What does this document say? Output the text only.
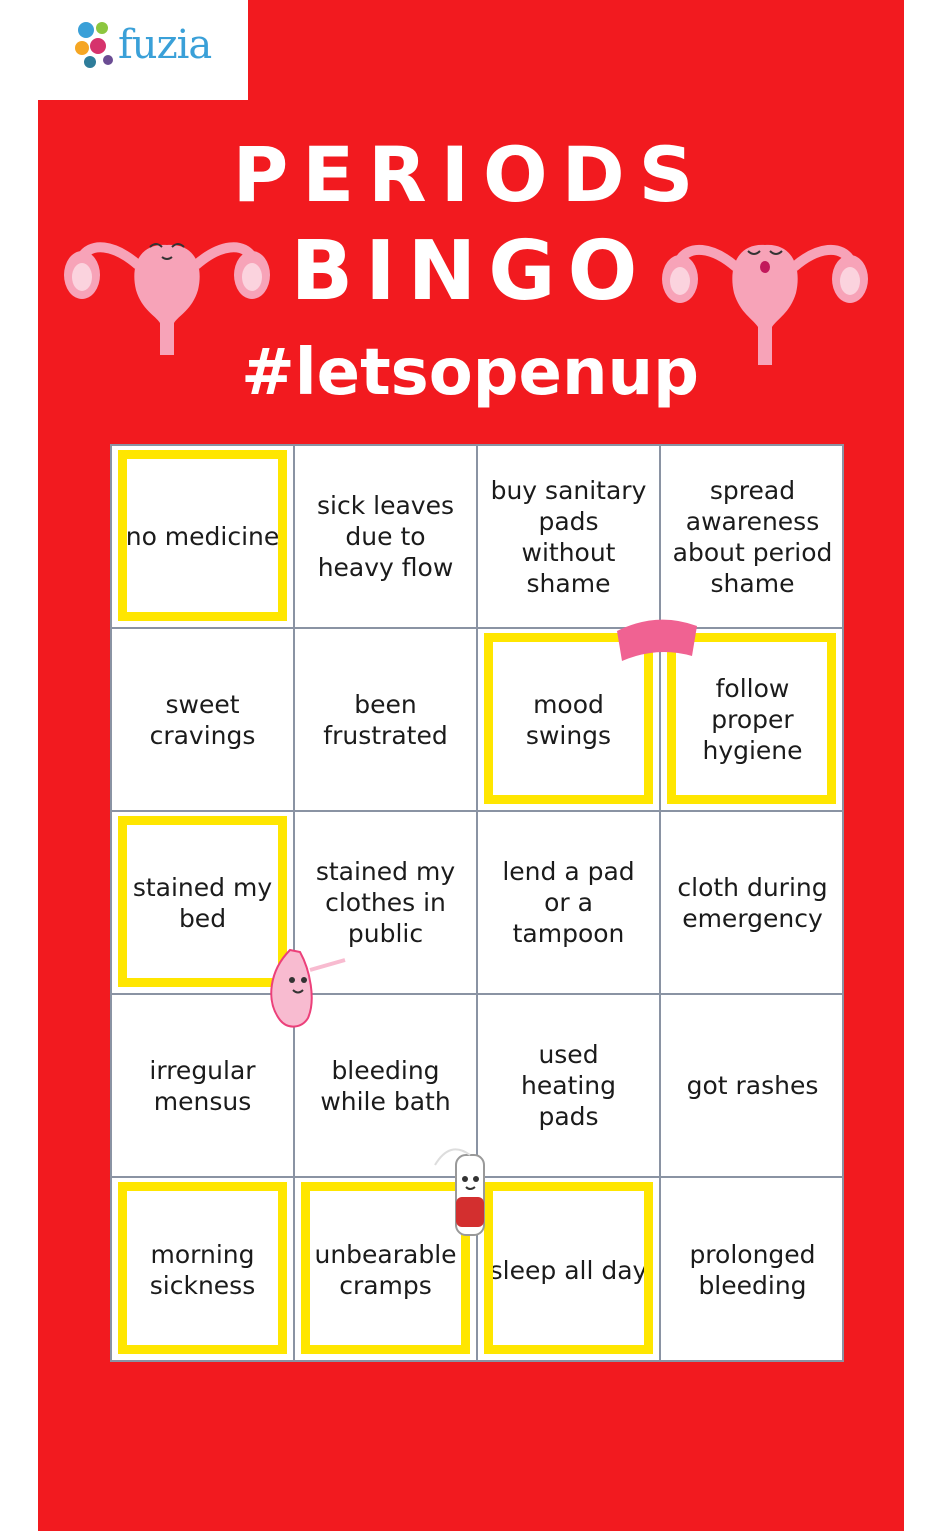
fuzia
PERIODS
BINGO
#letsopenup
no medicine
sick leaves due to heavy flow
buy sanitary pads without shame
spread awareness about period shame
sweet cravings
been frustrated
mood swings
follow proper hygiene
stained my bed
stained my clothes in public
lend a pad or a tampoon
cloth during emergency
irregular mensus
bleeding while bath
used heating pads
got rashes
morning sickness
unbearable cramps
sleep all day
prolonged bleeding
